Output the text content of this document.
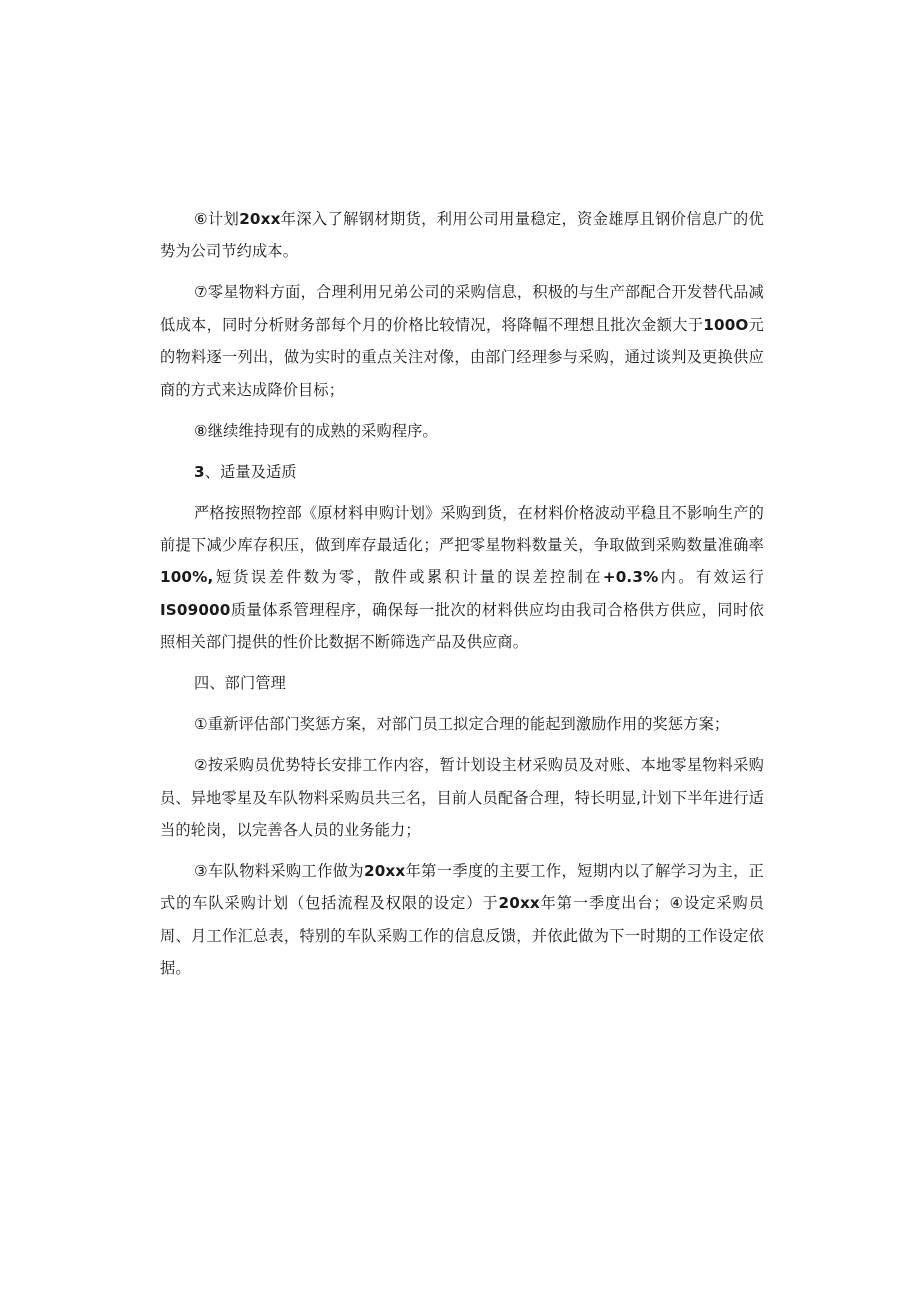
⑥计划20xx年深入了解钢材期货，利用公司用量稳定，资金雄厚且钢价信息广的优势为公司节约成本。

⑦零星物料方面，合理利用兄弟公司的采购信息，积极的与生产部配合开发替代品减低成本，同时分析财务部每个月的价格比较情况，将降幅不理想且批次金额大于100O元的物料逐一列出，做为实时的重点关注对像，由部门经理参与采购，通过谈判及更换供应商的方式来达成降价目标；

⑧继续维持现有的成熟的采购程序。

3、适量及适质

严格按照物控部《原材料申购计划》采购到货，在材料价格波动平稳且不影响生产的前提下减少库存积压，做到库存最适化；严把零星物料数量关，争取做到采购数量准确率100%,短货误差件数为零，散件或累积计量的误差控制在+0.3%内。有效运行IS09000质量体系管理程序，确保每一批次的材料供应均由我司合格供方供应，同时依照相关部门提供的性价比数据不断筛选产品及供应商。

四、部门管理

①重新评估部门奖惩方案，对部门员工拟定合理的能起到激励作用的奖惩方案；

②按采购员优势特长安排工作内容，暂计划设主材采购员及对账、本地零星物料采购员、异地零星及车队物料采购员共三名，目前人员配备合理，特长明显,计划下半年进行适当的轮岗，以完善各人员的业务能力；

③车队物料采购工作做为20xx年第一季度的主要工作，短期内以了解学习为主，正式的车队采购计划（包括流程及权限的设定）于20xx年第一季度出台；④设定采购员周、月工作汇总表，特别的车队采购工作的信息反馈，并依此做为下一时期的工作设定依据。
